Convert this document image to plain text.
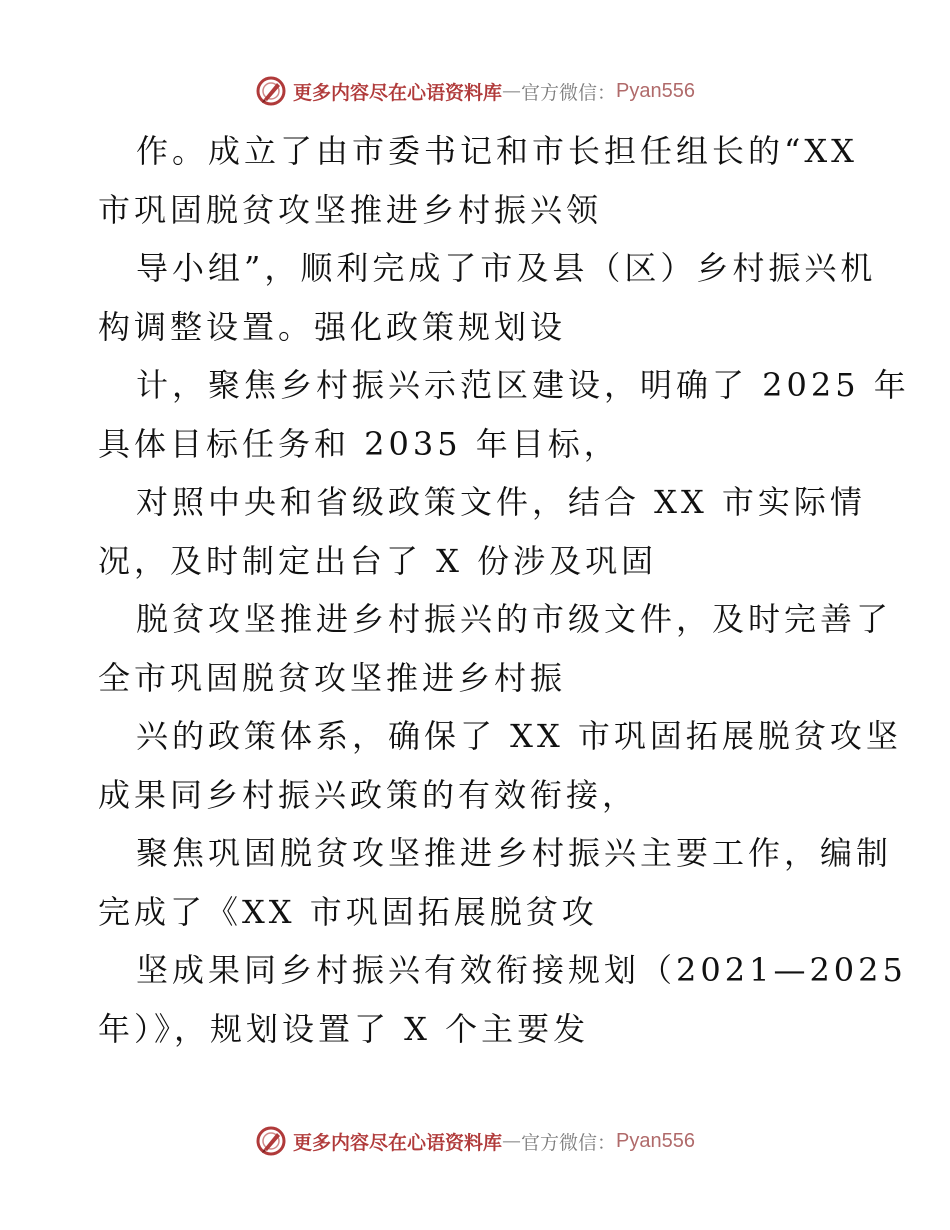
更多内容尽在心语资料库 — 官方微信： Pyan556
作。成立了由市委书记和市长担任组长的“XX
市巩固脱贫攻坚推进乡村振兴领
导小组”，顺利完成了市及县（区）乡村振兴机
构调整设置。强化政策规划设
计，聚焦乡村振兴示范区建设，明确了 2025 年
具体目标任务和 2035 年目标，
对照中央和省级政策文件，结合 XX 市实际情
况，及时制定出台了 X 份涉及巩固
脱贫攻坚推进乡村振兴的市级文件，及时完善了
全市巩固脱贫攻坚推进乡村振
兴的政策体系，确保了 XX 市巩固拓展脱贫攻坚
成果同乡村振兴政策的有效衔接，
聚焦巩固脱贫攻坚推进乡村振兴主要工作，编制
完成了《XX 市巩固拓展脱贫攻
坚成果同乡村振兴有效衔接规划（2021—2025
年）》，规划设置了 X 个主要发
更多内容尽在心语资料库 — 官方微信： Pyan556
